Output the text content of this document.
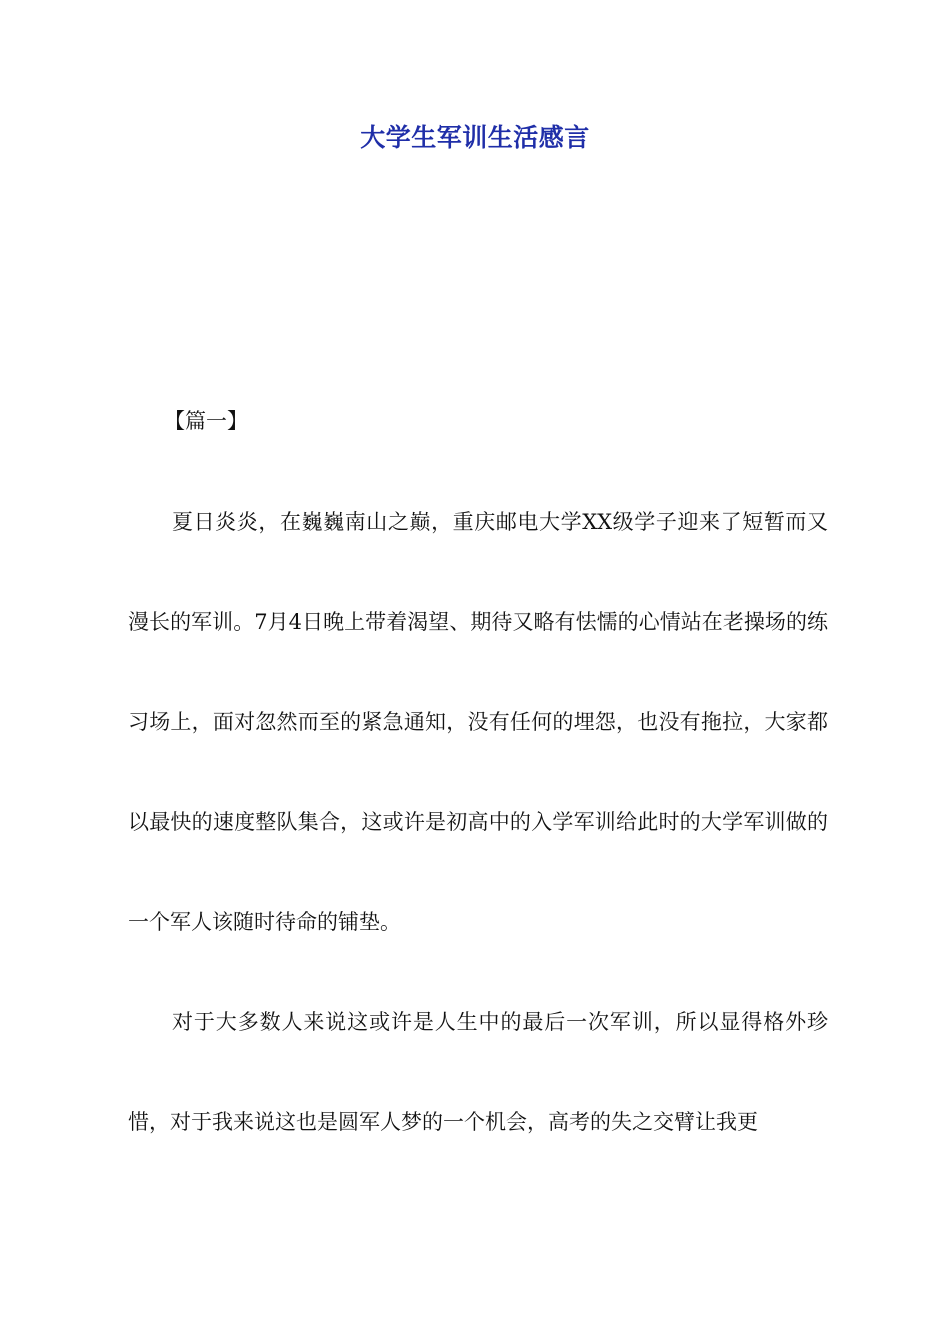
大学生军训生活感言

【篇一】

夏日炎炎，在巍巍南山之巅，重庆邮电大学XX级学子迎来了短暂而又漫长的军训。7月4日晚上带着渴望、期待又略有怯懦的心情站在老操场的练习场上，面对忽然而至的紧急通知，没有任何的埋怨，也没有拖拉，大家都以最快的速度整队集合，这或许是初高中的入学军训给此时的大学军训做的一个军人该随时待命的铺垫。

对于大多数人来说这或许是人生中的最后一次军训，所以显得格外珍惜，对于我来说这也是圆军人梦的一个机会，高考的失之交臂让我更
